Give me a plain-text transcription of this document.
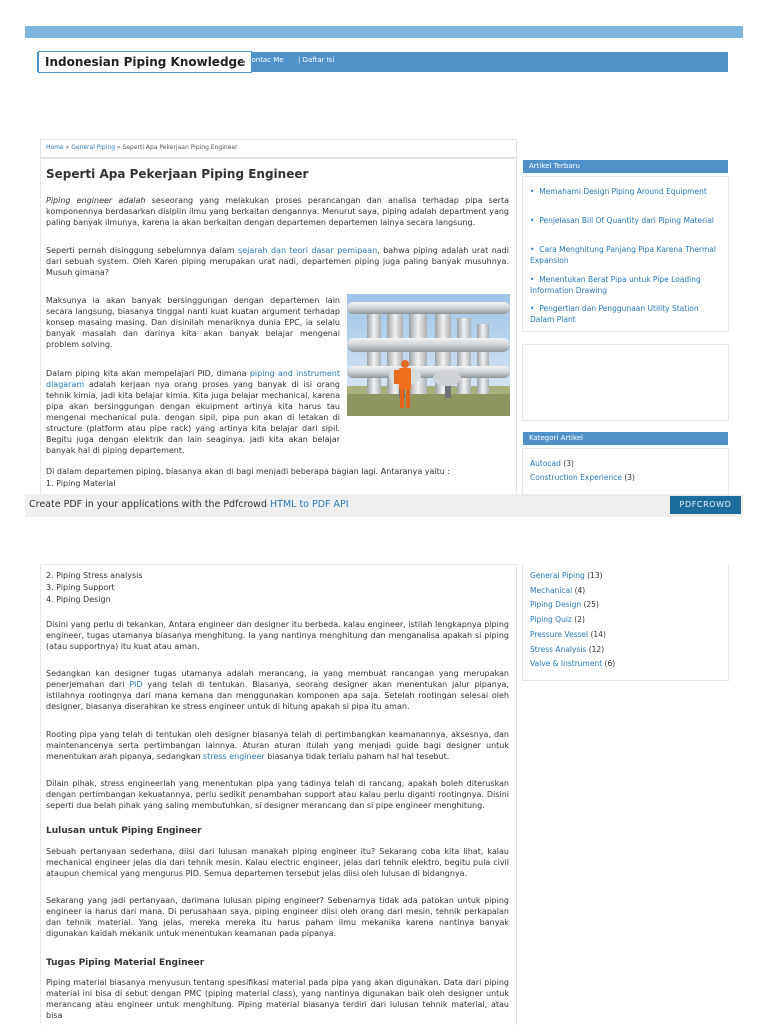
Indonesian Piping Knowledge
| Contac Me | Daftar Isi
Home » General Piping » Seperti Apa Pekerjaan Piping Engineer
Seperti Apa Pekerjaan Piping Engineer
Piping engineer adalah seseorang yang melakukan proses perancangan dan analisa terhadap pipa serta komponennya berdasarkan disiplin ilmu yang berkaitan dengannya. Menurut saya, piping adalah department yang paling banyak ilmunya, karena ia akan berkaitan dengan departemen departemen lainya secara langsung.
Seperti pernah disinggung sebelumnya dalam sejarah dan teori dasar pemipaan, bahwa piping adalah urat nadi dari sebuah system. Oleh Karen piping merupakan urat nadi, departemen piping juga paling banyak musuhnya. Musuh gimana?
Maksunya ia akan banyak bersinggungan dengan departemen lain secara langsung, biasanya tinggal nanti kuat kuatan argument terhadap konsep masaing masing. Dan disinilah menariknya dunia EPC, ia selalu banyak masalah dan darinya kita akan banyak belajar mengenai problem solving.
Dalam piping kita akan mempelajari PID, dimana piping and instrument diagaram adalah kerjaan nya orang proses yang banyak di isi orang tehnik kimia, jadi kita belajar kimia. Kita juga belajar mechanical, karena pipa akan bersinggungan dengan ekuipment artinya kita harus tau mengenai mechanical pula. dengan sipil, pipa pun akan di letakan di structure (platform atau pipe rack) yang artinya kita belajar dari sipil. Begitu juga dengan elektrik dan lain seaginya. jadi kita akan belajar banyak hal di piping departement.
Di dalam departemen piping, biasanya akan di bagi menjadi beberapa bagian lagi. Antaranya yaitu :
1. Piping Material
Create PDF in your applications with the Pdfcrowd HTML to PDF API	PDFCROWD
2. Piping Stress analysis
3. Piping Support
4. Piping Design
Disini yang perlu di tekankan, Antara engineer dan designer itu berbeda. kalau engineer, istilah lengkapnya piping engineer, tugas utamanya biasanya menghitung. Ia yang nantinya menghitung dan menganalisa apakah si piping (atau supportnya) itu kuat atau aman.
Sedangkan kan designer tugas utamanya adalah merancang, ia yang membuat rancangan yang merupakan penerjemahan dari PID yang telah di tentukan. Biasanya, seorang designer akan menentukan jalur pipanya, istilahnya rootingnya dari mana kemana dan menggunakan komponen apa saja. Setelah rootingan selesai oleh designer, biasanya diserahkan ke stress engineer untuk di hitung apakah si pipa itu aman.
Rooting pipa yang telah di tentukan oleh designer biasanya telah di pertimbangkan keamanannya, aksesnya, dan maintenancenya serta pertimbangan lainnya. Aturan aturan itulah yang menjadi guide bagi designer untuk menentukan arah pipanya, sedangkan stress engineer biasanya tidak terlalu paham hal hal tesebut.
Dilain pihak, stress engineerlah yang menentukan pipa yang tadinya telah di rancang, apakah boleh diteruskan dengan pertimbangan kekuatannya, perlu sedikit penambahan support atau kalau perlu diganti rootingnya. Disini seperti dua belah pihak yang saling membutuhkan, si designer merancang dan si pipe engineer menghitung.
Lulusan untuk Piping Engineer
Sebuah pertanyaan sederhana, diisi dari lulusan manakah piping engineer itu? Sekarang coba kita lihat, kalau mechanical engineer jelas dia dari tehnik mesin. Kalau electric engineer, jelas dari tehnik elektro, begitu pula civil ataupun chemical yang mengurus PID. Semua departemen tersebut jelas diisi oleh lulusan di bidangnya.
Sekarang yang jadi pertanyaan, darimana lulusan piping engineer? Sebenarnya tidak ada patokan untuk piping engineer ia harus dari mana. Di perusahaan saya, piping engineer diisi oleh orang dari mesin, tehnik perkapalan dan tehnik material. Yang jelas, mereka mereka itu harus paham ilmu mekanika karena nantinya banyak digunakan kaidah mekanik untuk menentukan keamanan pada pipanya.
Tugas Piping Material Engineer
Piping material biasanya menyusun tentang spesifikasi material pada pipa yang akan digunakan. Data dari piping material ini bisa di sebut dengan PMC (piping material class), yang nantinya digunakan baik oleh designer untuk merancang atau engineer untuk menghitung. Piping material biasanya terdiri dari lulusan tehnik material, atau bisa
Artikel Terbaru
•  Memahami Design Piping Around Equipment
•  Penjelasan Bill Of Quantity dari Piping Material
•  Cara Menghitung Panjang Pipa Karena Thermal Expansion
•  Menentukan Berat Pipa untuk Pipe Loading Information Drawing
•  Pengertian dan Penggunaan Utility Station Dalam Plant
Kategori Artikel
Autocad (3)
Construction Experience (3)
General Piping (13)
Mechanical (4)
Piping Design (25)
Piping Quiz (2)
Pressure Vessel (14)
Stress Analysis (12)
Valve & Instrument (6)
